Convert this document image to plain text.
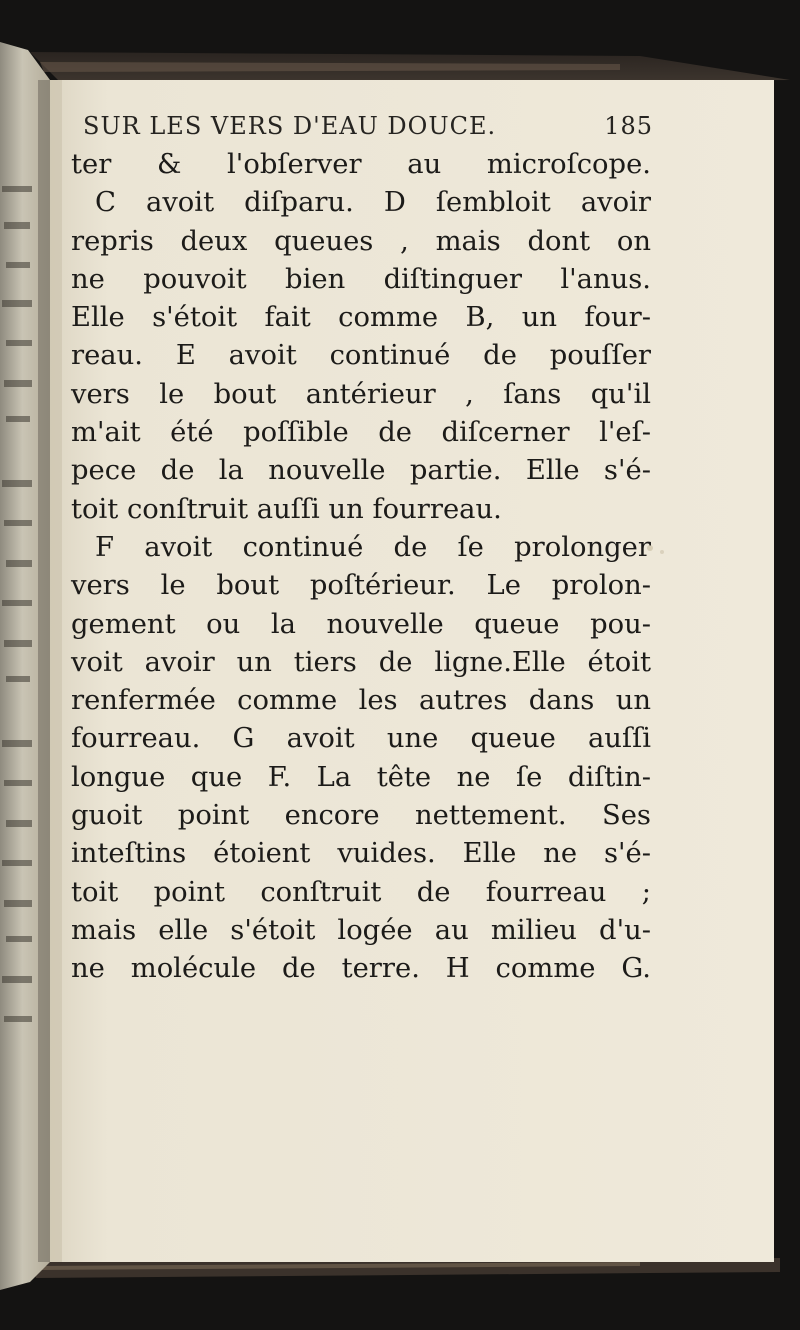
SUR LES VERS D'EAU DOUCE.	185
ter & l'obſerver au microſcope.
C avoit diſparu. D ſembloit avoir
repris deux queues , mais dont on
ne pouvoit bien diſtinguer l'anus.
Elle s'étoit fait comme B, un four-
reau. E avoit continué de pouſſer
vers le bout antérieur , ſans qu'il
m'ait été poſſible de diſcerner l'eſ-
pece de la nouvelle partie. Elle s'é-
toit conſtruit auſſi un fourreau.
F avoit continué de ſe prolonger
vers le bout poſtérieur. Le prolon-
gement ou la nouvelle queue pou-
voit avoir un tiers de ligne.Elle étoit
renfermée comme les autres dans un
fourreau. G avoit une queue auſſi
longue que F. La tête ne ſe diſtin-
guoit point encore nettement. Ses
inteſtins étoient vuides. Elle ne s'é-
toit point conſtruit de fourreau ;
mais elle s'étoit logée au milieu d'u-
ne molécule de terre. H comme G.
